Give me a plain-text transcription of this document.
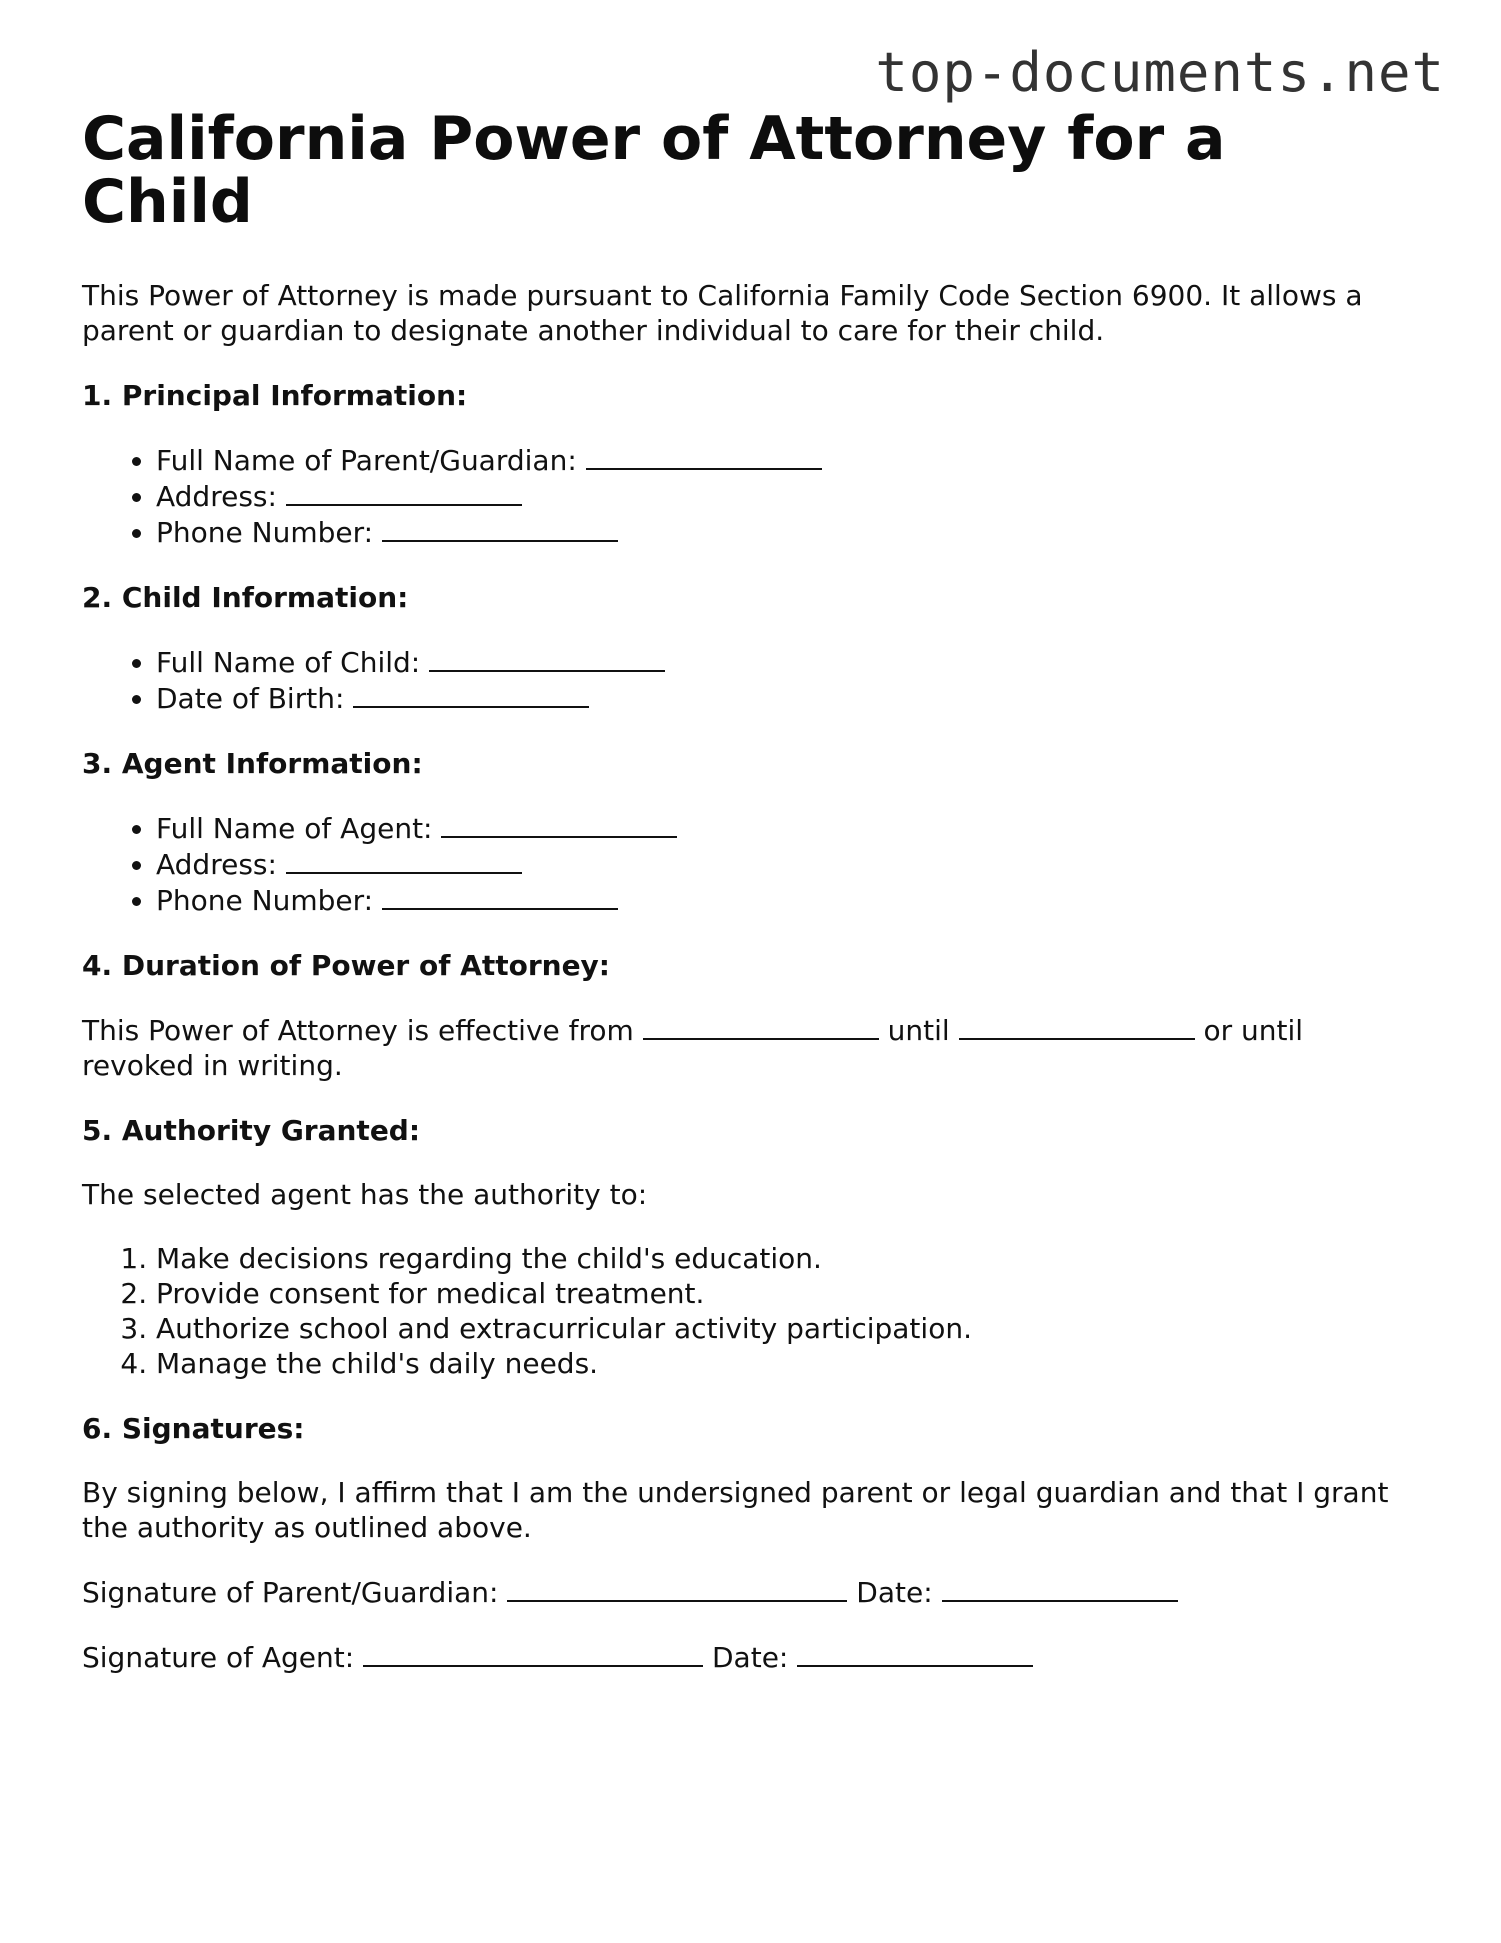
top-documents.net
California Power of Attorney for a Child

This Power of Attorney is made pursuant to California Family Code Section 6900. It allows a parent or guardian to designate another individual to care for their child.

1. Principal Information:
• Full Name of Parent/Guardian:
• Address:
• Phone Number:
2. Child Information:
• Full Name of Child:
• Date of Birth:
3. Agent Information:
• Full Name of Agent:
• Address:
• Phone Number:
4. Duration of Power of Attorney:

This Power of Attorney is effective from	until	or until revoked in writing.

5. Authority Granted:

The selected agent has the authority to:

1. Make decisions regarding the child's education.
2. Provide consent for medical treatment.
3. Authorize school and extracurricular activity participation.
4. Manage the child's daily needs.
6. Signatures:

By signing below, I affirm that I am the undersigned parent or legal guardian and that I grant the authority as outlined above.

Signature of Parent/Guardian:	Date:

Signature of Agent:	Date:
